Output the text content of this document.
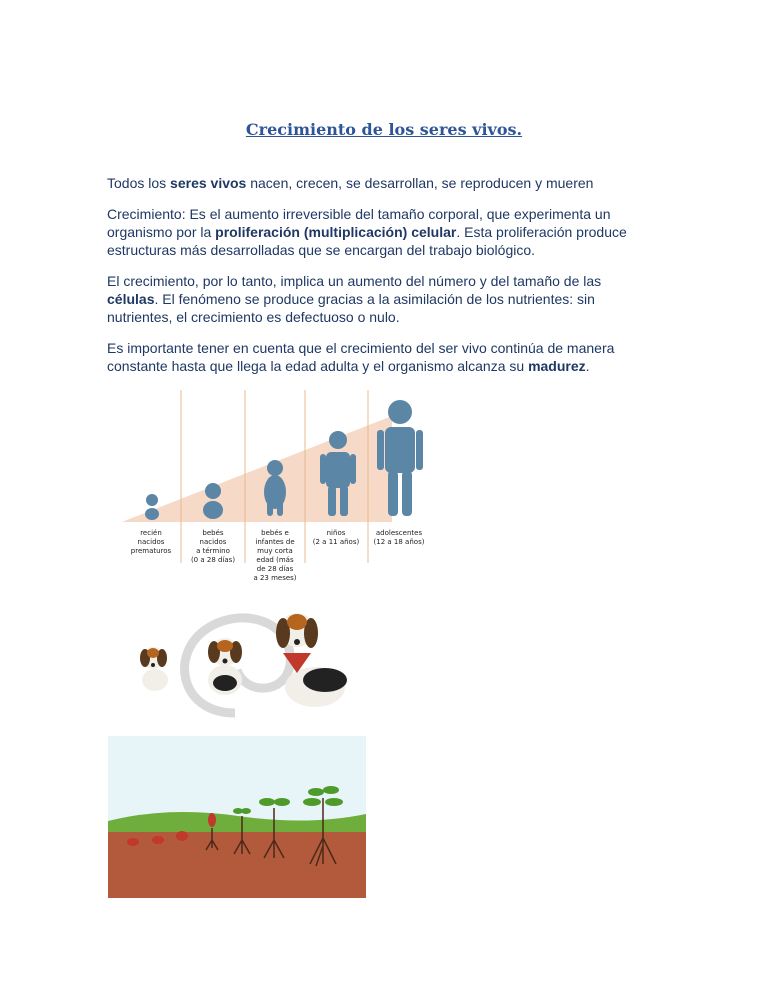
Crecimiento de los seres vivos.
Todos los seres vivos nacen, crecen, se desarrollan, se reproducen y mueren
Crecimiento: Es el aumento irreversible del tamaño corporal, que experimenta un organismo por la proliferación (multiplicación) celular. Esta proliferación produce estructuras más desarrolladas que se encargan del trabajo biológico.
El crecimiento, por lo tanto, implica un aumento del número y del tamaño de las células. El fenómeno se produce gracias a la asimilación de los nutrientes: sin nutrientes, el crecimiento es defectuoso o nulo.
Es importante tener en cuenta que el crecimiento del ser vivo continúa de manera constante hasta que llega la edad adulta y el organismo alcanza su madurez.
recién
nacidos
prematuros
bebés
nacidos
a término
(0 a 28 días)
bebés e
infantes de
muy corta
edad (más
de 28 días
a 23 meses)
niños
(2 a 11 años)
adolescentes
(12 a 18 años)
